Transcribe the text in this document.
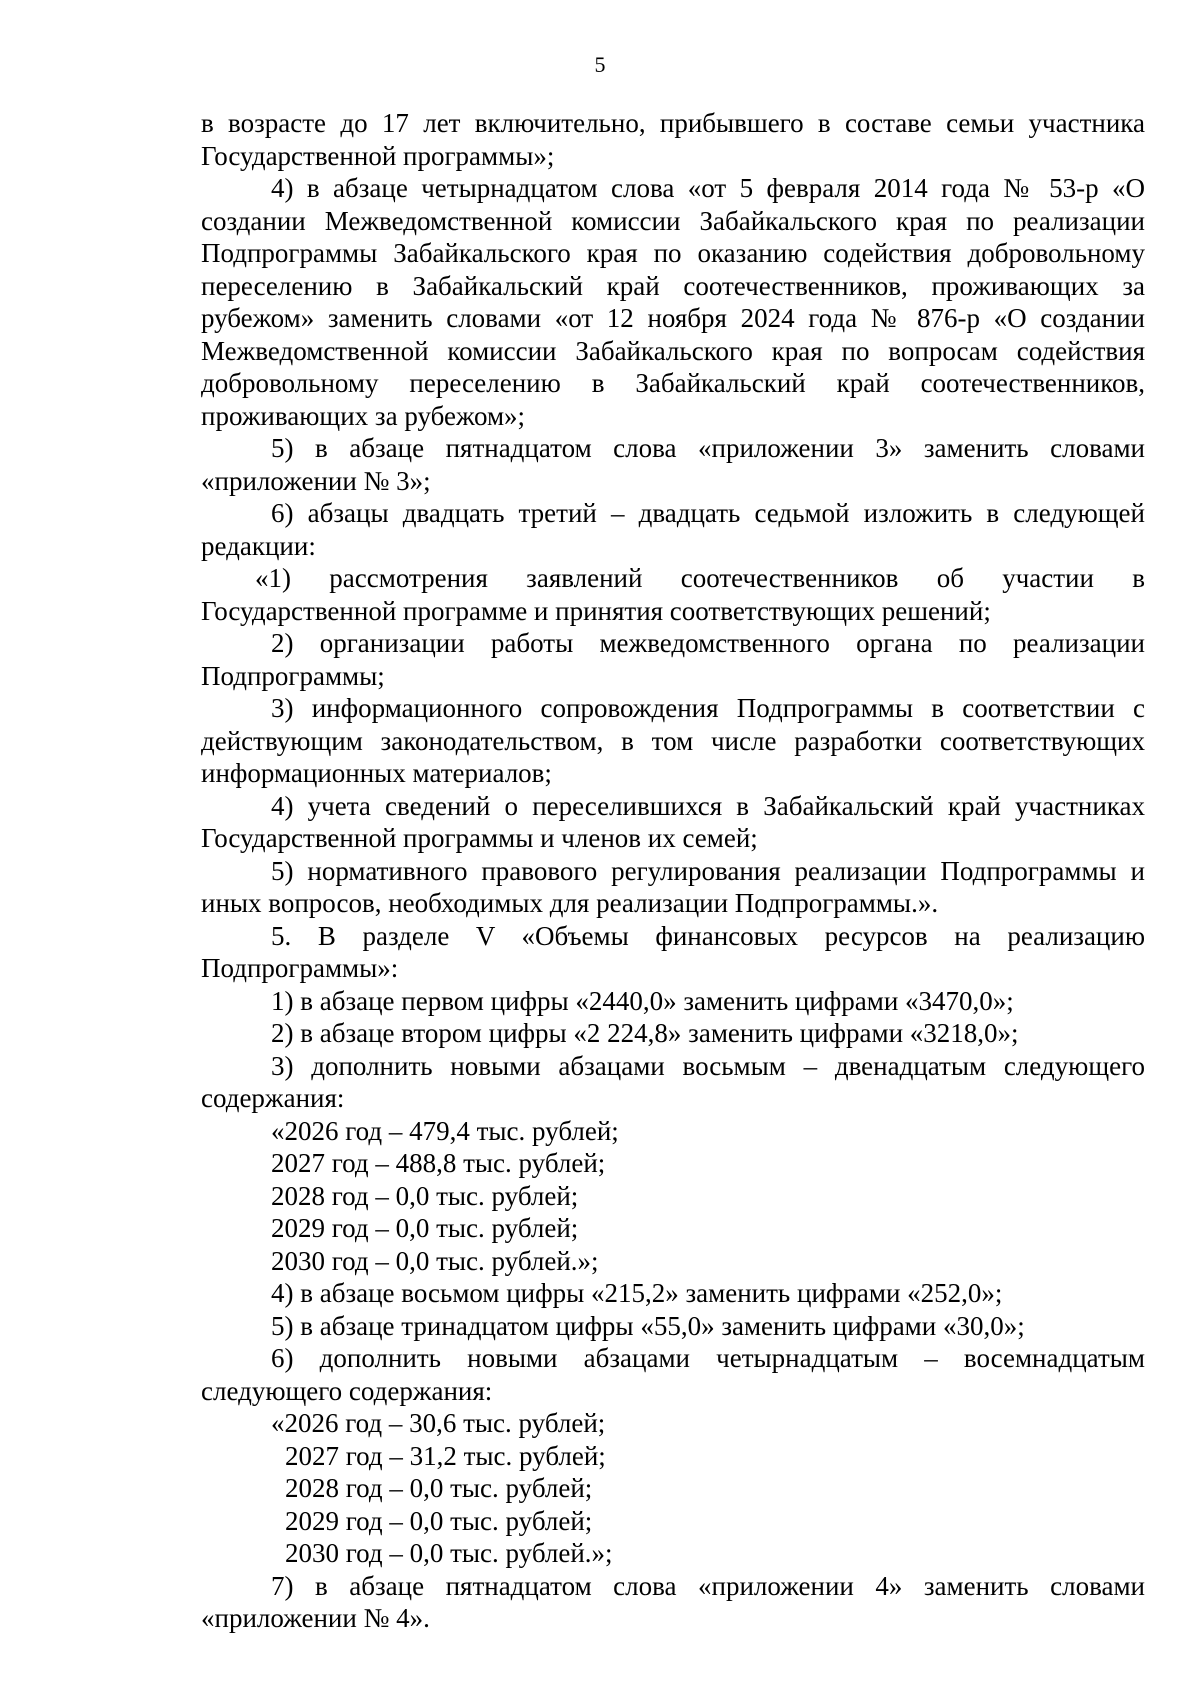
5

в возрасте до 17 лет включительно, прибывшего в составе семьи участника Государственной программы»;

4) в абзаце четырнадцатом слова «от 5 февраля 2014 года № 53-р «О создании Межведомственной комиссии Забайкальского края по реализации Подпрограммы Забайкальского края по оказанию содействия добровольному переселению в Забайкальский край соотечественников, проживающих за рубежом» заменить словами «от 12 ноября 2024 года № 876-р «О создании Межведомственной комиссии Забайкальского края по вопросам содействия добровольному переселению в Забайкальский край соотечественников, проживающих за рубежом»;

5) в абзаце пятнадцатом слова «приложении 3» заменить словами «приложении № 3»;

6) абзацы двадцать третий – двадцать седьмой изложить в следующей редакции:

«1) рассмотрения заявлений соотечественников об участии в Государственной программе и принятия соответствующих решений;

2) организации работы межведомственного органа по реализации Подпрограммы;

3) информационного сопровождения Подпрограммы в соответствии с действующим законодательством, в том числе разработки соответствующих информационных материалов;

4) учета сведений о переселившихся в Забайкальский край участниках Государственной программы и членов их семей;

5) нормативного правового регулирования реализации Подпрограммы и иных вопросов, необходимых для реализации Подпрограммы.».

5. В разделе V «Объемы финансовых ресурсов на реализацию Подпрограммы»:

1) в абзаце первом цифры «2440,0» заменить цифрами «3470,0»;

2) в абзаце втором цифры «2 224,8» заменить цифрами «3218,0»;

3) дополнить новыми абзацами восьмым – двенадцатым следующего содержания:

«2026 год – 479,4 тыс. рублей;

2027 год – 488,8 тыс. рублей;

2028 год – 0,0 тыс. рублей;

2029 год – 0,0 тыс. рублей;

2030 год – 0,0 тыс. рублей.»;

4) в абзаце восьмом цифры «215,2» заменить цифрами «252,0»;

5) в абзаце тринадцатом цифры «55,0» заменить цифрами «30,0»;

6) дополнить новыми абзацами четырнадцатым – восемнадцатым следующего содержания:

«2026 год – 30,6 тыс. рублей;

2027 год – 31,2 тыс. рублей;

2028 год – 0,0 тыс. рублей;

2029 год – 0,0 тыс. рублей;

2030 год – 0,0 тыс. рублей.»;

7) в абзаце пятнадцатом слова «приложении 4» заменить словами «приложении № 4».
